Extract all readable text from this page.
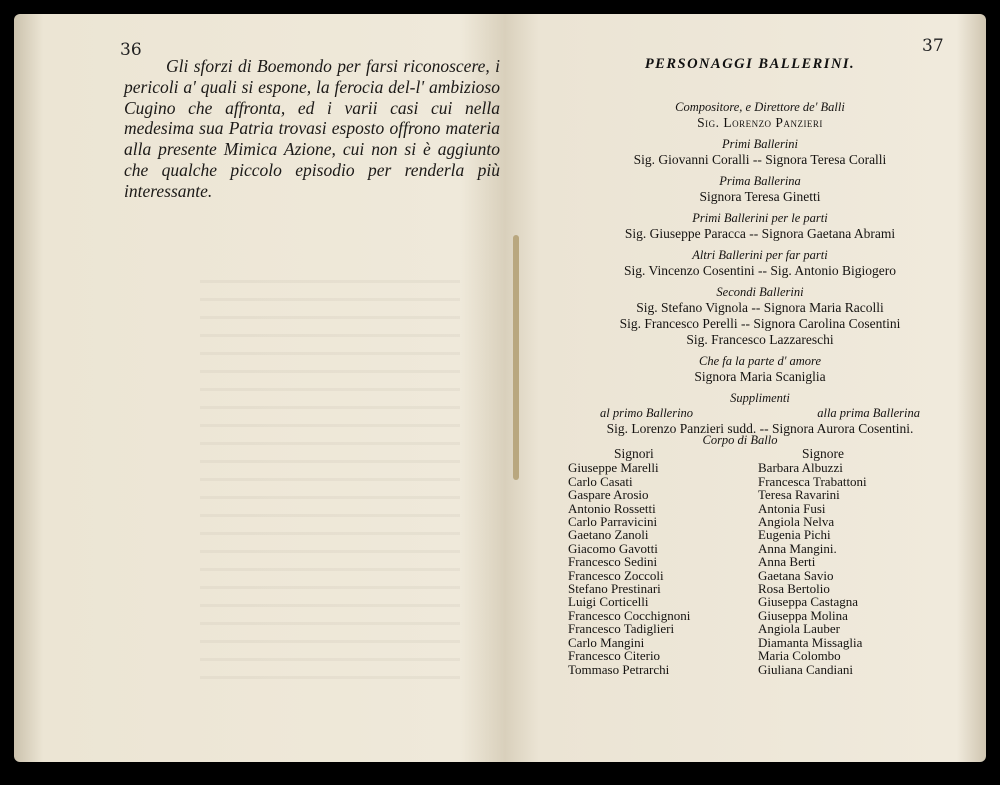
36	37

Gli sforzi di Boemondo per farsi riconoscere, i pericoli a' quali si espone, la ferocia del-l' ambizioso Cugino che affronta, ed i varii casi cui nella medesima sua Patria trovasi esposto offrono materia alla presente Mimica Azione, cui non si è aggiunto che qualche piccolo episodio per renderla più interessante.

PERSONAGGI BALLERINI.
Compositore, e Direttore de' Balli
Sig. Lorenzo Panzieri
Primi Ballerini
Sig. Giovanni Coralli -- Signora Teresa Coralli
Prima Ballerina
Signora Teresa Ginetti
Primi Ballerini per le parti
Sig. Giuseppe Paracca -- Signora Gaetana Abrami
Altri Ballerini per far parti
Sig. Vincenzo Cosentini -- Sig. Antonio Bigiogero
Secondi Ballerini
Sig. Stefano Vignola -- Signora Maria Racolli
Sig. Francesco Perelli -- Signora Carolina Cosentini
Sig. Francesco Lazzareschi
Che fa la parte d' amore
Signora Maria Scaniglia
Supplimenti
al primo Ballerino	alla prima Ballerina
Sig. Lorenzo Panzieri sudd. -- Signora Aurora Cosentini.
Corpo di Ballo
Signori
Giuseppe Marelli
Carlo Casati
Gaspare Arosio
Antonio Rossetti
Carlo Parravicini
Gaetano Zanoli
Giacomo Gavotti
Francesco Sedini
Francesco Zoccoli
Stefano Prestinari
Luigi Corticelli
Francesco Cocchignoni
Francesco Tadiglieri
Carlo Mangini
Francesco Citerio
Tommaso Petrarchi
Signore
Barbara Albuzzi
Francesca Trabattoni
Teresa Ravarini
Antonia Fusi
Angiola Nelva
Eugenia Pichi
Anna Mangini.
Anna Berti
Gaetana Savio
Rosa Bertolio
Giuseppa Castagna
Giuseppa Molina
Angiola Lauber
Diamanta Missaglia
Maria Colombo
Giuliana Candiani
